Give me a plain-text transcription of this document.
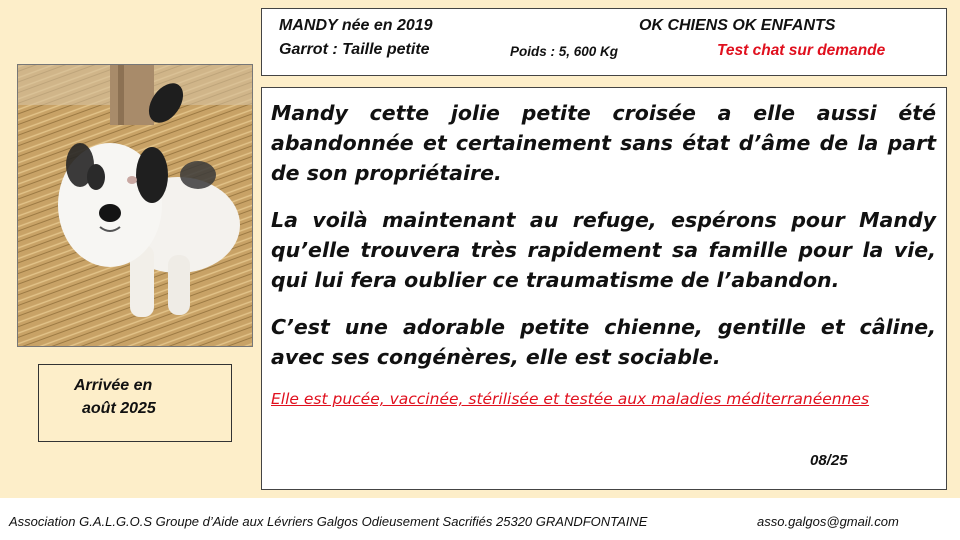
MANDY née en 2019	OK CHIENS OK ENFANTS
Garrot : Taille petite	Poids : 5, 600 Kg	Test chat sur demande

Mandy cette jolie petite croisée a elle aussi été abandonnée et certainement sans état d’âme de la part de son propriétaire.

La voilà maintenant au refuge, espérons pour Mandy qu’elle trouvera très rapidement sa famille pour la vie, qui lui fera oublier ce traumatisme de l’abandon.

C’est une adorable petite chienne, gentille et câline, avec ses congénères, elle est sociable.

Elle est pucée, vaccinée, stérilisée et testée aux maladies méditerranéennes

08/25
Arrivée en
août 2025
Association G.A.L.G.O.S Groupe d’Aide aux Lévriers Galgos Odieusement Sacrifiés 25320 GRANDFONTAINE	asso.galgos@gmail.com
